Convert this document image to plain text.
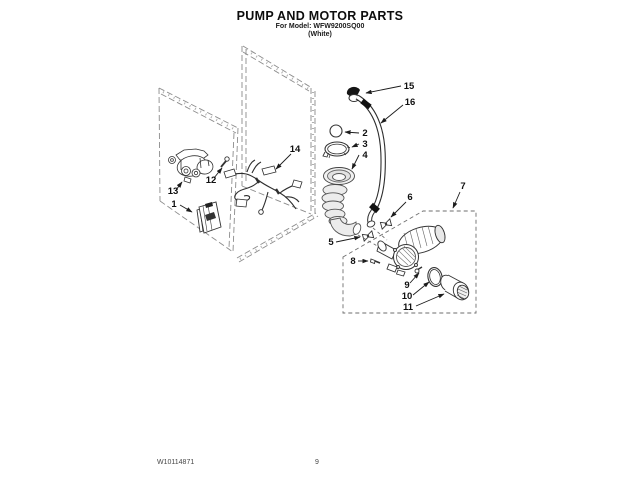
PUMP AND MOTOR PARTS
For Model: WFW9200SQ00
(White)
1
2
3
4
5
6
7
8
9
10
11
12
13
14
15
16
W10114871	9
